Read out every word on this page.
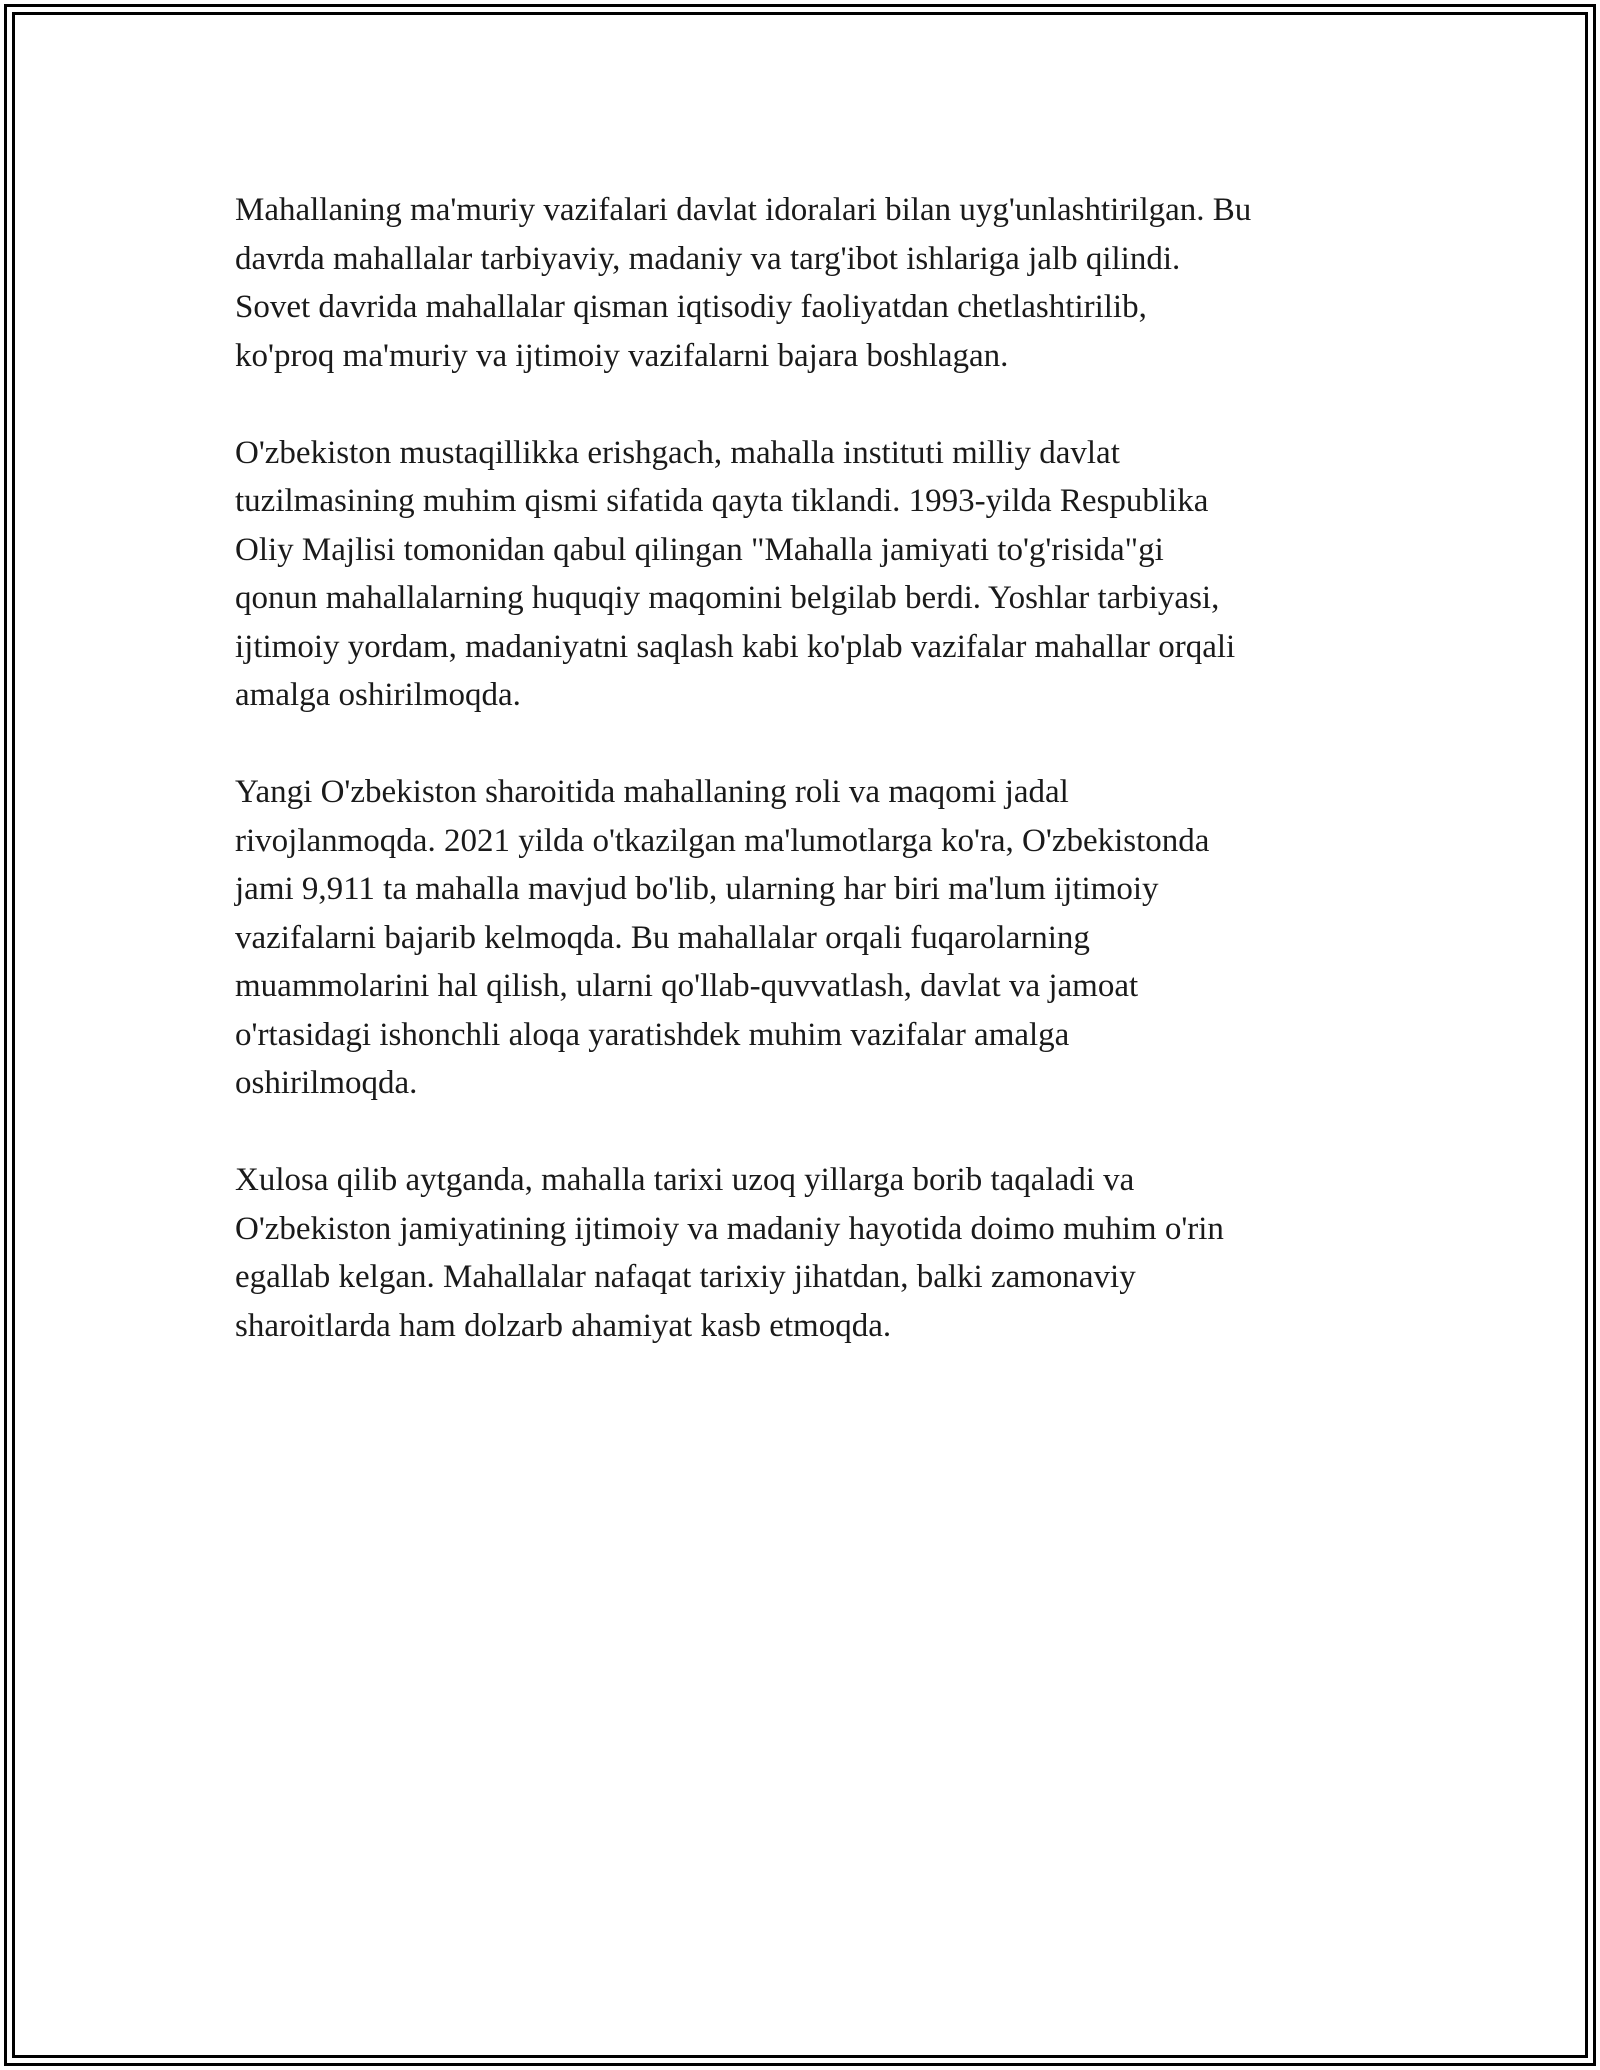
Mahallaning ma'muriy vazifalari davlat idoralari bilan uyg'unlashtirilgan. Bu
davrda mahallalar tarbiyaviy, madaniy va targ'ibot ishlariga jalb qilindi.
Sovet davrida mahallalar qisman iqtisodiy faoliyatdan chetlashtirilib,
ko'proq ma'muriy va ijtimoiy vazifalarni bajara boshlagan.

O'zbekiston mustaqillikka erishgach, mahalla instituti milliy davlat
tuzilmasining muhim qismi sifatida qayta tiklandi. 1993-yilda Respublika
Oliy Majlisi tomonidan qabul qilingan "Mahalla jamiyati to'g'risida"gi
qonun mahallalarning huquqiy maqomini belgilab berdi. Yoshlar tarbiyasi,
ijtimoiy yordam, madaniyatni saqlash kabi ko'plab vazifalar mahallar orqali
amalga oshirilmoqda.

Yangi O'zbekiston sharoitida mahallaning roli va maqomi jadal
rivojlanmoqda. 2021 yilda o'tkazilgan ma'lumotlarga ko'ra, O'zbekistonda
jami 9,911 ta mahalla mavjud bo'lib, ularning har biri ma'lum ijtimoiy
vazifalarni bajarib kelmoqda. Bu mahallalar orqali fuqarolarning
muammolarini hal qilish, ularni qo'llab-quvvatlash, davlat va jamoat
o'rtasidagi ishonchli aloqa yaratishdek muhim vazifalar amalga
oshirilmoqda.

Xulosa qilib aytganda, mahalla tarixi uzoq yillarga borib taqaladi va
O'zbekiston jamiyatining ijtimoiy va madaniy hayotida doimo muhim o'rin
egallab kelgan. Mahallalar nafaqat tarixiy jihatdan, balki zamonaviy
sharoitlarda ham dolzarb ahamiyat kasb etmoqda.
